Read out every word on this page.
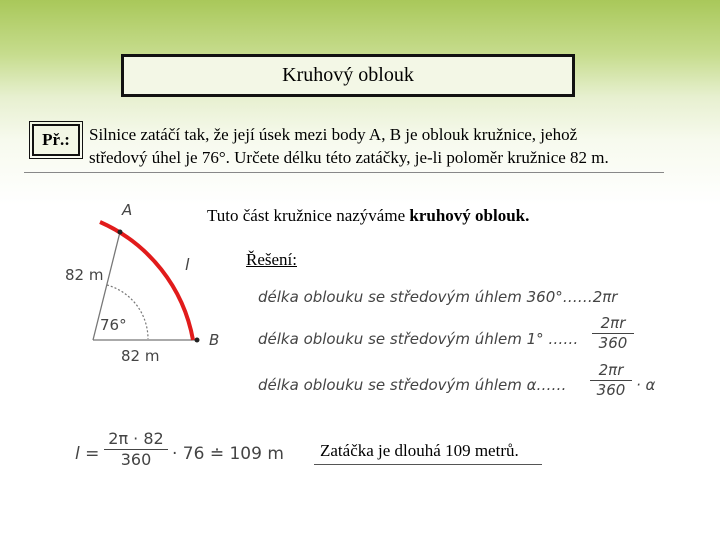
Kruhový oblouk
Př.:	Silnice zatáčí tak, že její úsek mezi body A, B je oblouk kružnice, jehož
středový úhel je 76°. Určete délku této zatáčky, je-li poloměr kružnice 82 m.
A
B
l
82 m
82 m
76°
Tuto část kružnice nazýváme kruhový oblouk.
Řešení:
délka oblouku se středovým úhlem 360°……2πr
délka oblouku se středovým úhlem 1° …… $\frac{2\pi r}{360}$
délka oblouku se středovým úhlem α…… $\frac{2\pi r}{360} \cdot \alpha$
$l = \frac{2\pi \cdot 82}{360} \cdot 76$ ≐ 109 m Zatáčka je dlouhá 109 metrů.
